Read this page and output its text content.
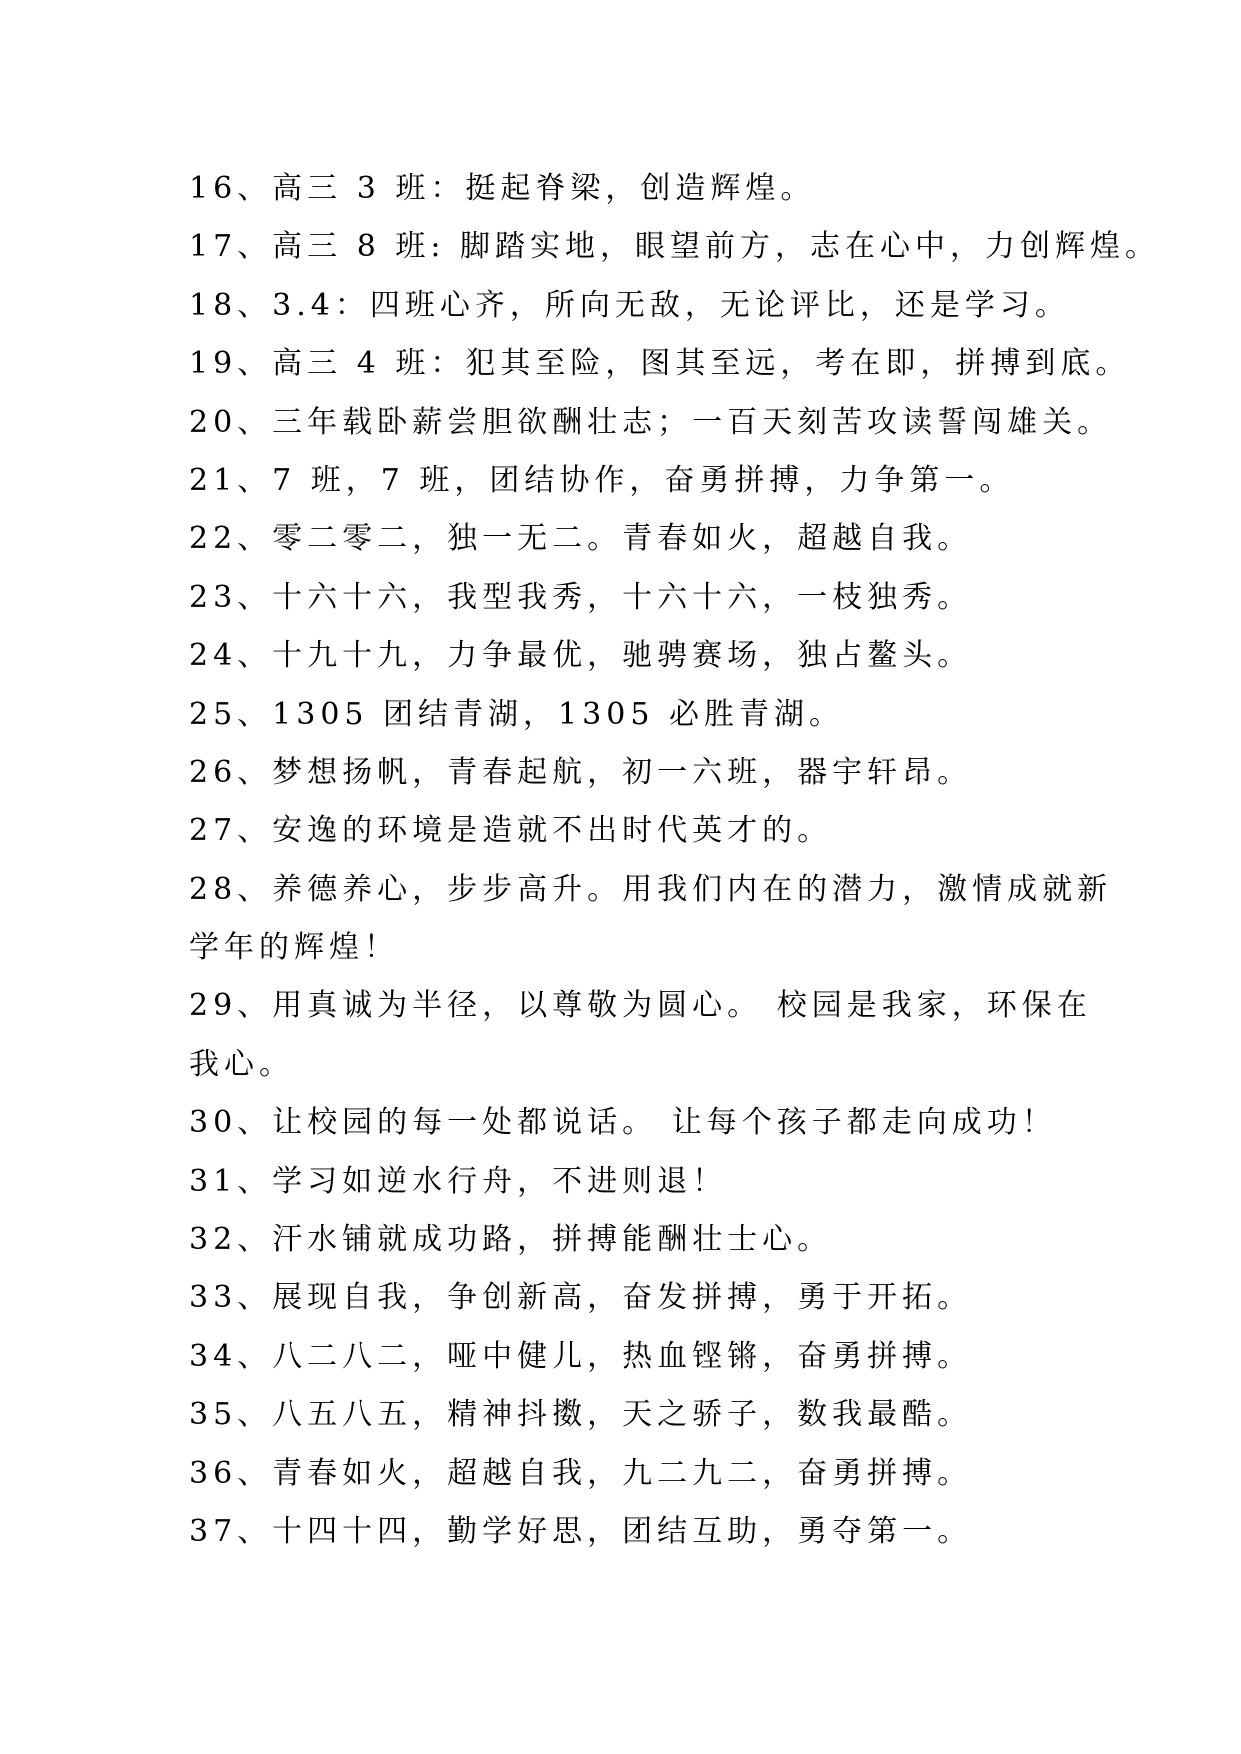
16、高三 3 班：挺起脊梁，创造辉煌。
17、高三 8 班: 脚踏实地，眼望前方，志在心中，力创辉煌。
18、3.4：四班心齐，所向无敌，无论评比，还是学习。
19、高三 4 班：犯其至险，图其至远，考在即，拼搏到底。
20、三年载卧薪尝胆欲酬壮志；一百天刻苦攻读誓闯雄关。
21、7 班，7 班，团结协作，奋勇拼搏，力争第一。
22、零二零二，独一无二。青春如火，超越自我。
23、十六十六，我型我秀，十六十六，一枝独秀。
24、十九十九，力争最优，驰骋赛场，独占鳌头。
25、1305 团结青湖，1305 必胜青湖。
26、梦想扬帆，青春起航，初一六班，器宇轩昂。
27、安逸的环境是造就不出时代英才的。
28、养德养心，步步高升。用我们内在的潜力，激情成就新
学年的辉煌！
29、用真诚为半径，以尊敬为圆心。 校园是我家，环保在
我心。
30、让校园的每一处都说话。 让每个孩子都走向成功！
31、学习如逆水行舟，不进则退！
32、汗水铺就成功路，拼搏能酬壮士心。
33、展现自我，争创新高，奋发拼搏，勇于开拓。
34、八二八二，哑中健儿，热血铿锵，奋勇拼搏。
35、八五八五，精神抖擞，天之骄子，数我最酷。
36、青春如火，超越自我，九二九二，奋勇拼搏。
37、十四十四，勤学好思，团结互助，勇夺第一。
